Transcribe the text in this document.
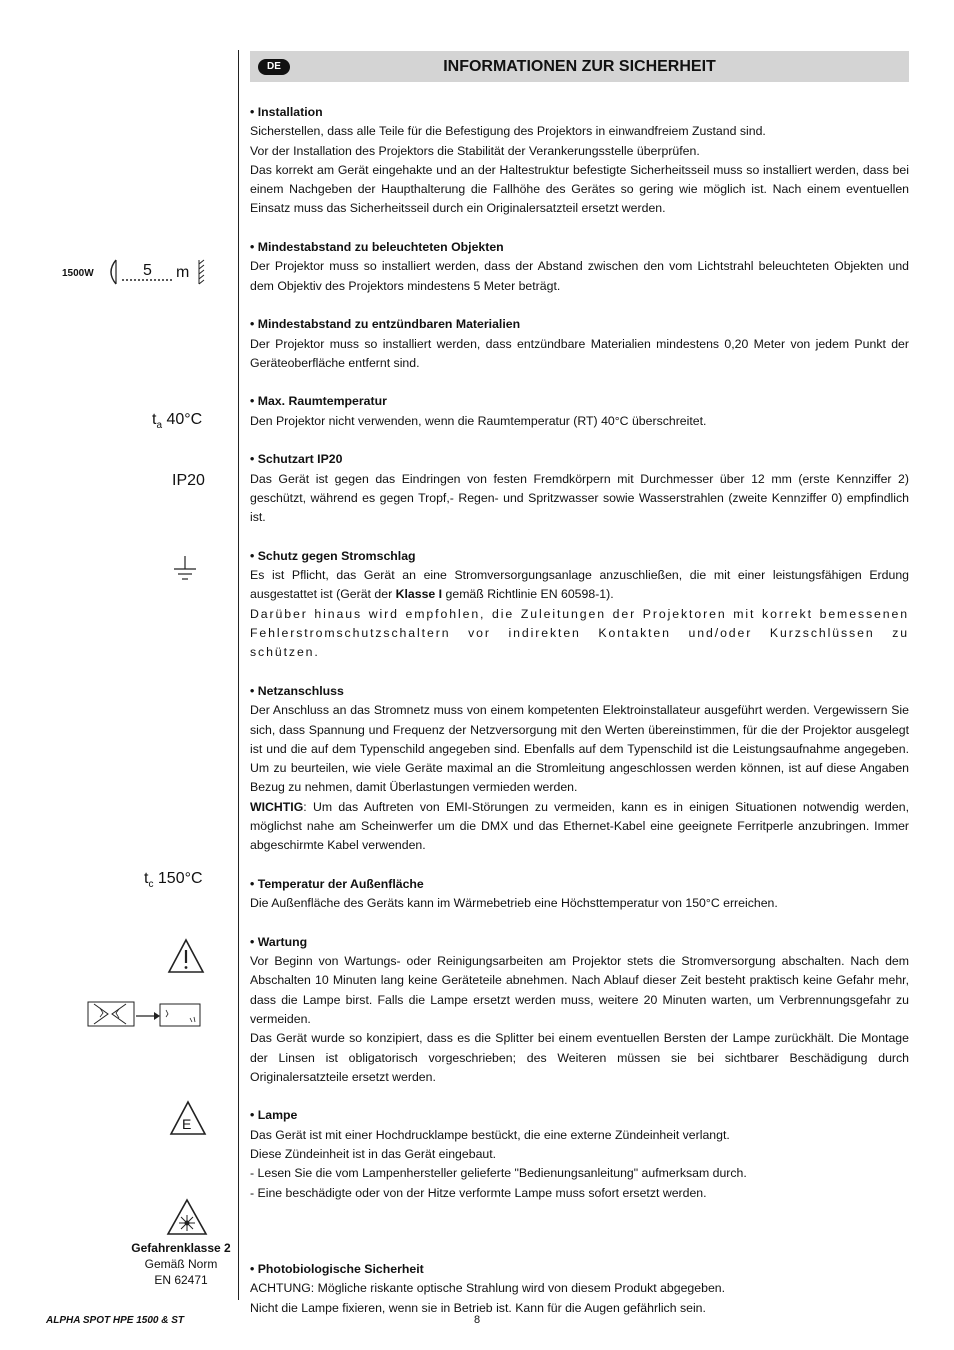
DE	INFORMATIONEN ZUR SICHERHEIT
1500W	5 m
$t_a$ 40°C
IP20
$t_c$ 150°C
E
Gefahrenklasse 2
Gemäß Norm
EN 62471
• Installation
Sicherstellen, dass alle Teile für die Befestigung des Projektors in einwandfreiem Zustand sind.
Vor der Installation des Projektors die Stabilität der Verankerungsstelle überprüfen.
Das korrekt am Gerät eingehakte und an der Haltestruktur befestigte Sicherheitsseil muss so installiert werden, dass bei einem Nachgeben der Haupthalterung die Fallhöhe des Gerätes so gering wie möglich ist. Nach einem eventuellen Einsatz muss das Sicherheitsseil durch ein Originalersatzteil ersetzt werden.
• Mindestabstand zu beleuchteten Objekten
Der Projektor muss so installiert werden, dass der Abstand zwischen den vom Lichtstrahl beleuchteten Objekten und dem Objektiv des Projektors mindestens 5 Meter beträgt.
• Mindestabstand zu entzündbaren Materialien
Der Projektor muss so installiert werden, dass entzündbare Materialien mindestens 0,20 Meter von jedem Punkt der Geräteoberfläche entfernt sind.
• Max. Raumtemperatur
Den Projektor nicht verwenden, wenn die Raumtemperatur (RT) 40°C überschreitet.
• Schutzart IP20
Das Gerät ist gegen das Eindringen von festen Fremdkörpern mit Durchmesser über 12 mm (erste Kennziffer 2) geschützt, während es gegen Tropf,- Regen- und Spritzwasser sowie Wasserstrahlen (zweite Kennziffer 0) empfindlich ist.
• Schutz gegen Stromschlag
Es ist Pflicht, das Gerät an eine Stromversorgungsanlage anzuschließen, die mit einer leistungsfähigen Erdung ausgestattet ist (Gerät der Klasse I gemäß Richtlinie EN 60598-1).
Darüber hinaus wird empfohlen, die Zuleitungen der Projektoren mit korrekt bemessenen Fehlerstromschutzschaltern vor indirekten Kontakten und/oder Kurzschlüssen zu schützen.
• Netzanschluss
Der Anschluss an das Stromnetz muss von einem kompetenten Elektroinstallateur ausgeführt werden. Vergewissern Sie sich, dass Spannung und Frequenz der Netzversorgung mit den Werten übereinstimmen, für die der Projektor ausgelegt ist und die auf dem Typenschild angegeben sind. Ebenfalls auf dem Typenschild ist die Leistungsaufnahme angegeben. Um zu beurteilen, wie viele Geräte maximal an die Stromleitung angeschlossen werden können, ist auf diese Angaben Bezug zu nehmen, damit Überlastungen vermieden werden.
WICHTIG: Um das Auftreten von EMI-Störungen zu vermeiden, kann es in einigen Situationen notwendig werden, möglichst nahe am Scheinwerfer um die DMX und das Ethernet-Kabel eine geeignete Ferritperle anzubringen. Immer abgeschirmte Kabel verwenden.
• Temperatur der Außenfläche
Die Außenfläche des Geräts kann im Wärmebetrieb eine Höchsttemperatur von 150°C erreichen.
• Wartung
Vor Beginn von Wartungs- oder Reinigungsarbeiten am Projektor stets die Stromversorgung abschalten. Nach dem Abschalten 10 Minuten lang keine Geräteteile abnehmen. Nach Ablauf dieser Zeit besteht praktisch keine Gefahr mehr, dass die Lampe birst. Falls die Lampe ersetzt werden muss, weitere 20 Minuten warten, um Verbrennungsgefahr zu vermeiden.
Das Gerät wurde so konzipiert, dass es die Splitter bei einem eventuellen Bersten der Lampe zurückhält. Die Montage der Linsen ist obligatorisch vorgeschrieben; des Weiteren müssen sie bei sichtbarer Beschädigung durch Originalersatzteile ersetzt werden.
• Lampe
Das Gerät ist mit einer Hochdrucklampe bestückt, die eine externe Zündeinheit verlangt.
Diese Zündeinheit ist in das Gerät eingebaut.
- Lesen Sie die vom Lampenhersteller gelieferte "Bedienungsanleitung" aufmerksam durch.
- Eine beschädigte oder von der Hitze verformte Lampe muss sofort ersetzt werden.
• Photobiologische Sicherheit
ACHTUNG: Mögliche riskante optische Strahlung wird von diesem Produkt abgegeben.
Nicht die Lampe fixieren, wenn sie in Betrieb ist. Kann für die Augen gefährlich sein.
ALPHA SPOT HPE 1500 & ST	8
